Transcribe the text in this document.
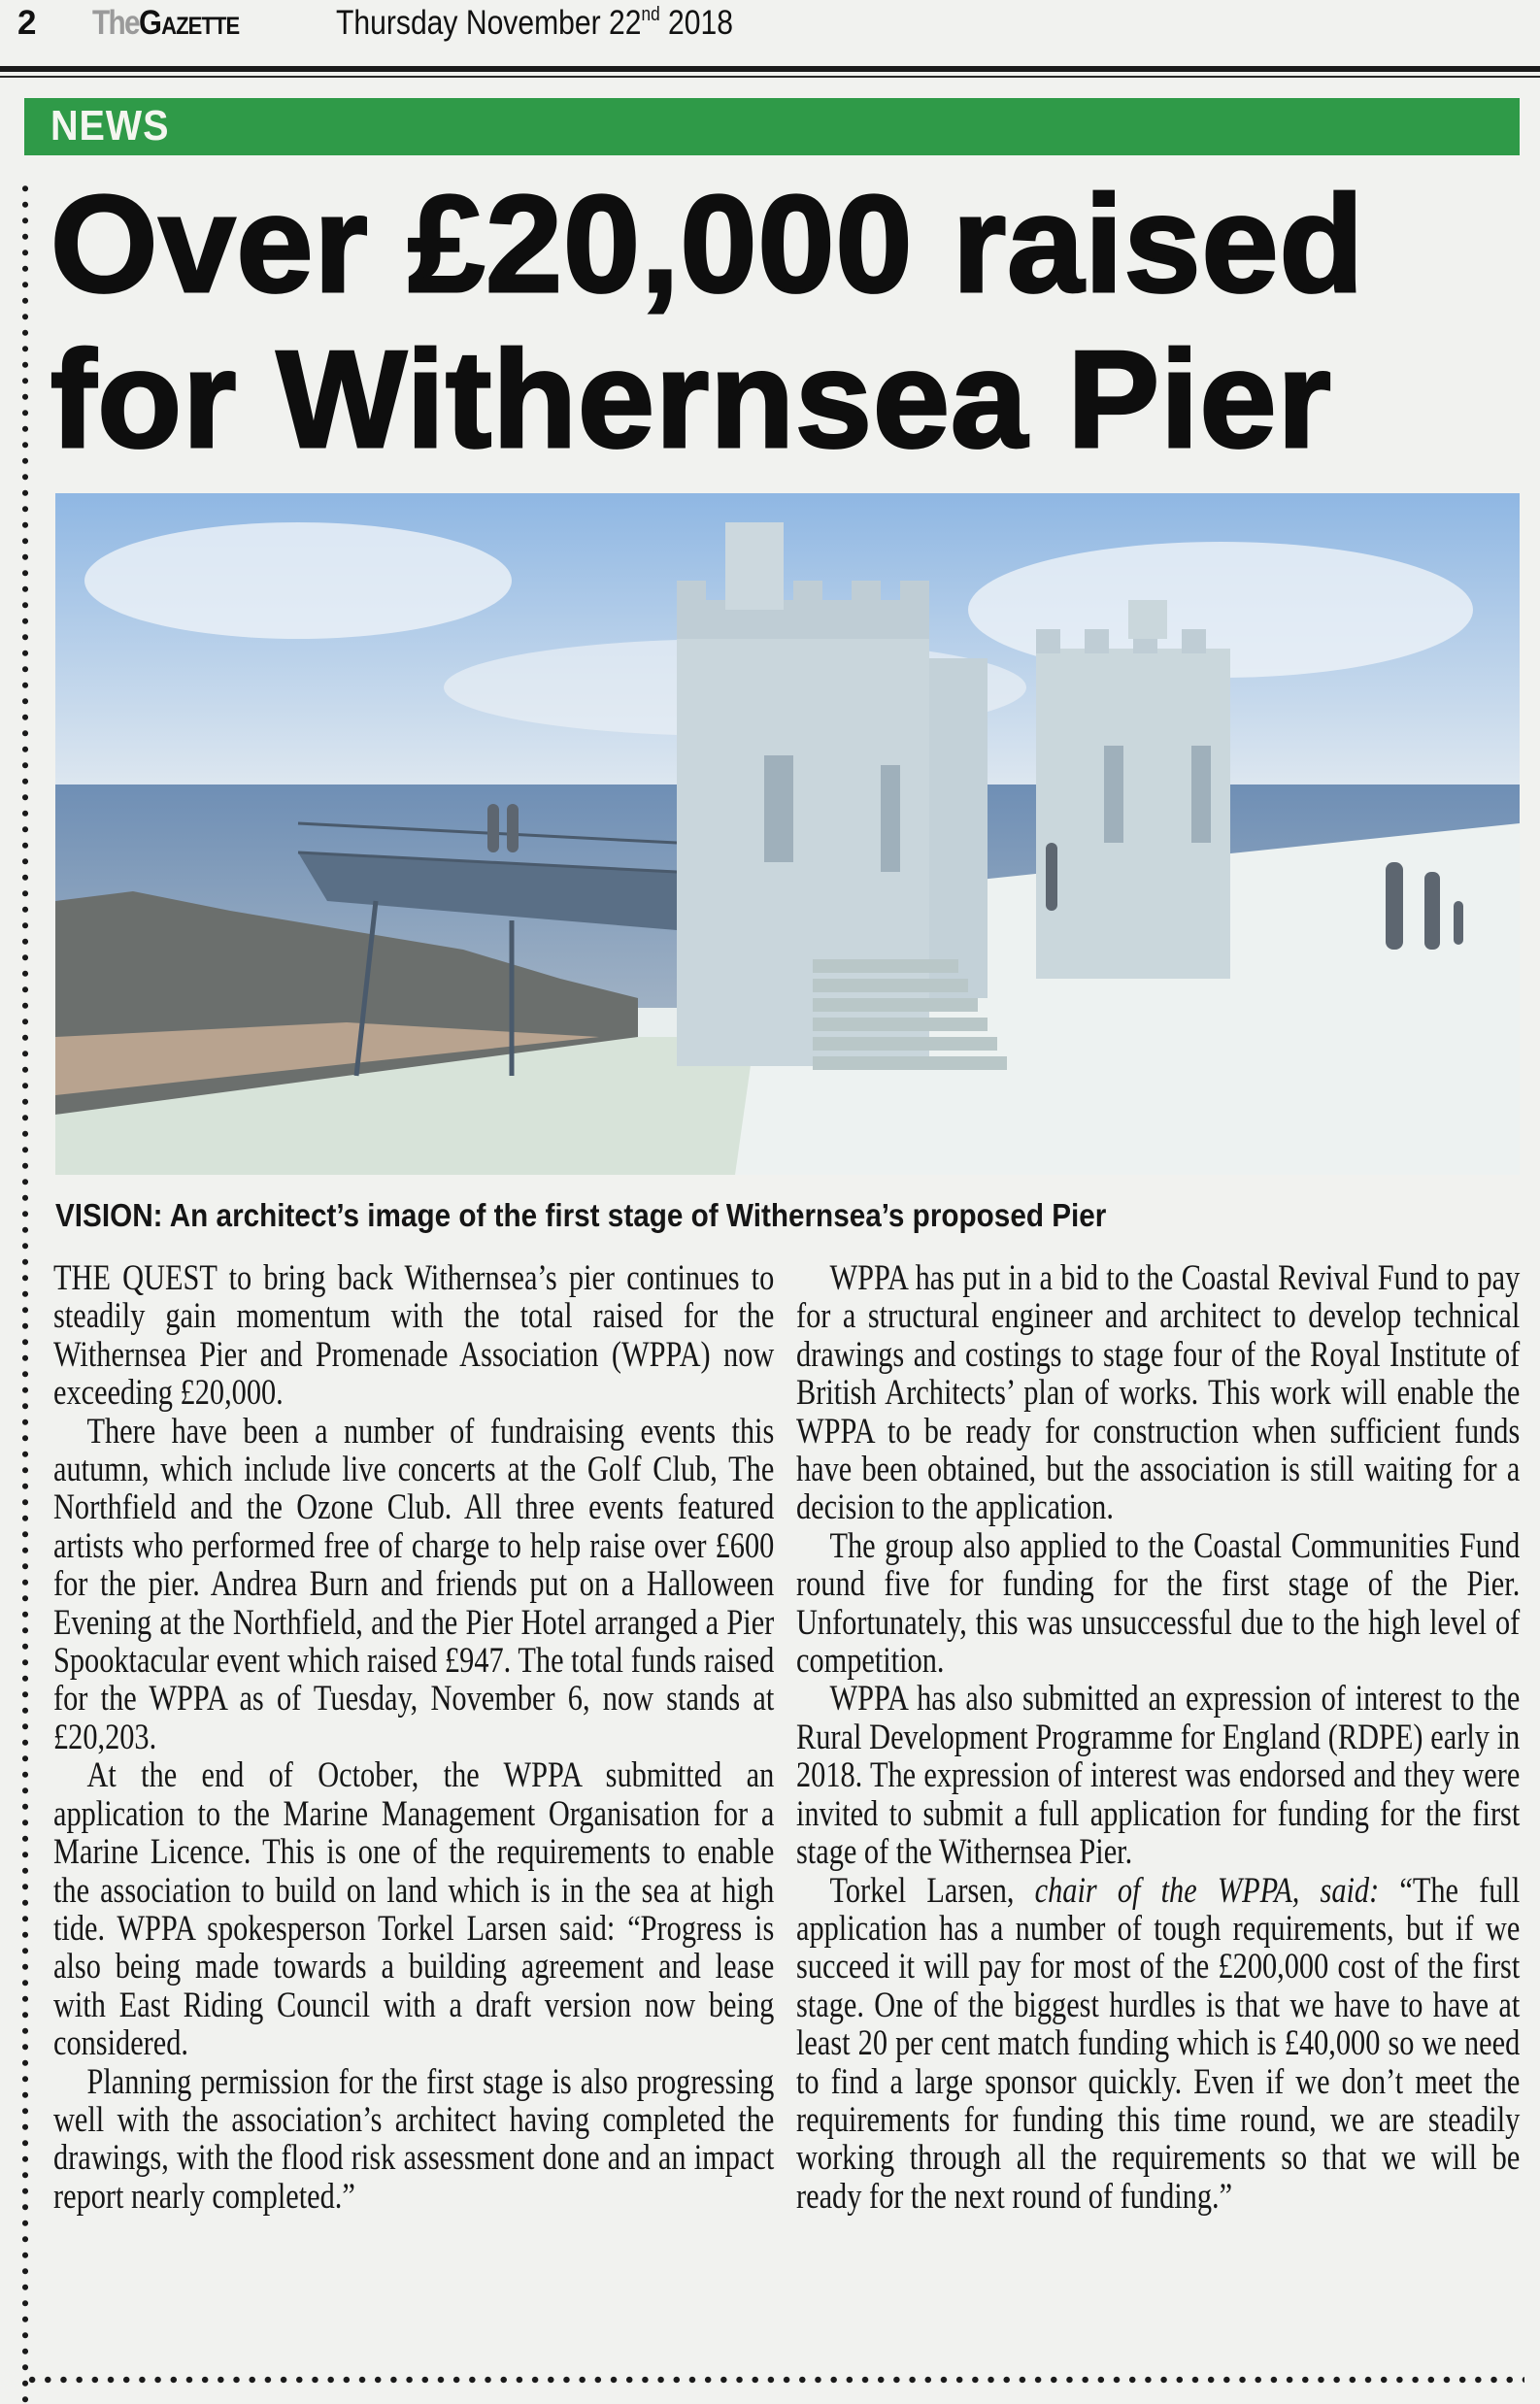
2 TheGazette	Thursday November 22nd 2018
NEWS
Over £20,000 raised
for Withernsea Pier
VISION: An architect’s image of the first stage of Withernsea’s proposed Pier

THE QUEST to bring back Withernsea’s pier continues to steadily gain momentum with the total raised for the Withernsea Pier and Promenade Association (WPPA) now exceeding £20,000.

There have been a number of fundraising events this autumn, which include live concerts at the Golf Club, The Northfield and the Ozone Club. All three events featured artists who performed free of charge to help raise over £600 for the pier. Andrea Burn and friends put on a Halloween Evening at the Northfield, and the Pier Hotel arranged a Pier Spooktacular event which raised £947. The total funds raised for the WPPA as of Tuesday, November 6, now stands at £20,203.

At the end of October, the WPPA submitted an application to the Marine Management Organisation for a Marine Licence. This is one of the requirements to enable the association to build on land which is in the sea at high tide. WPPA spokesperson Torkel Larsen said: “Progress is also being made towards a building agreement and lease with East Riding Council with a draft version now being considered.

Planning permission for the first stage is also progressing well with the association’s architect having completed the drawings, with the flood risk assessment done and an impact report nearly completed.”

WPPA has put in a bid to the Coastal Revival Fund to pay for a structural engineer and architect to develop technical drawings and costings to stage four of the Royal Institute of British Architects’ plan of works. This work will enable the WPPA to be ready for construction when sufficient funds have been obtained, but the association is still waiting for a decision to the application.

The group also applied to the Coastal Communities Fund round five for funding for the first stage of the Pier. Unfortunately, this was unsuccessful due to the high level of competition.

WPPA has also submitted an expression of interest to the Rural Development Programme for England (RDPE) early in 2018. The expression of interest was endorsed and they were invited to submit a full application for funding for the first stage of the Withernsea Pier.

Torkel Larsen, chair of the WPPA, said: “The full application has a number of tough requirements, but if we succeed it will pay for most of the £200,000 cost of the first stage. One of the biggest hurdles is that we have to have at least 20 per cent match funding which is £40,000 so we need to find a large sponsor quickly. Even if we don’t meet the requirements for funding this time round, we are steadily working through all the requirements so that we will be ready for the next round of funding.”
